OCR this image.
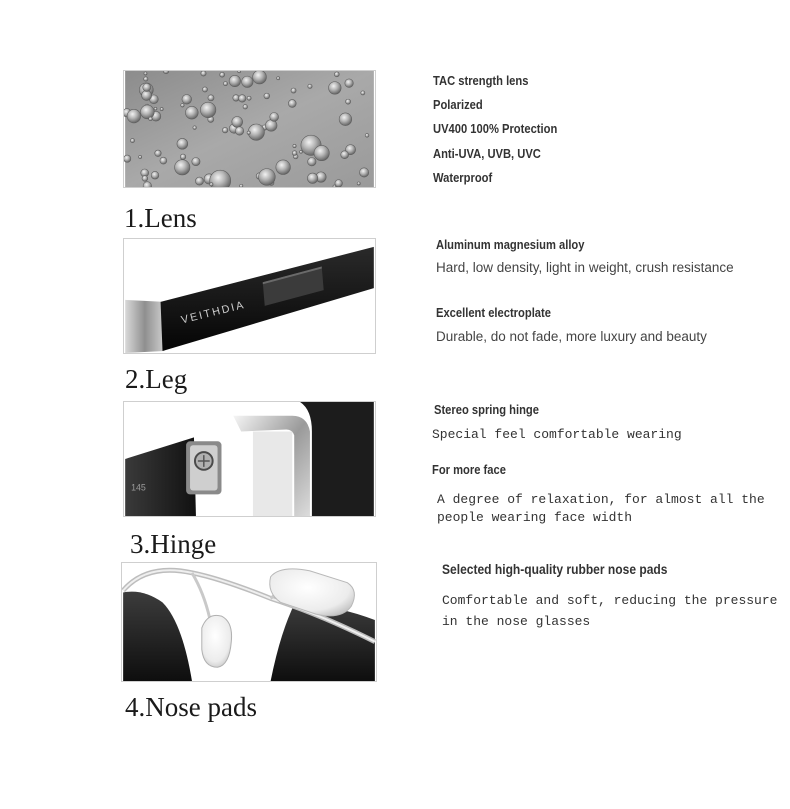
1.Lens
TAC strength lens
Polarized
UV400 100% Protection
Anti-UVA, UVB, UVC
Waterproof
VEITHDIA
2.Leg
Aluminum magnesium alloy
Hard, low density, light in weight, crush resistance
Excellent electroplate
Durable, do not fade, more luxury and beauty
145
3.Hinge
Stereo spring hinge
Special feel comfortable wearing
For more face
A degree of relaxation, for almost all the
people wearing face width
4.Nose pads
Selected high-quality rubber nose pads
Comfortable and soft, reducing the pressure
in the nose glasses
